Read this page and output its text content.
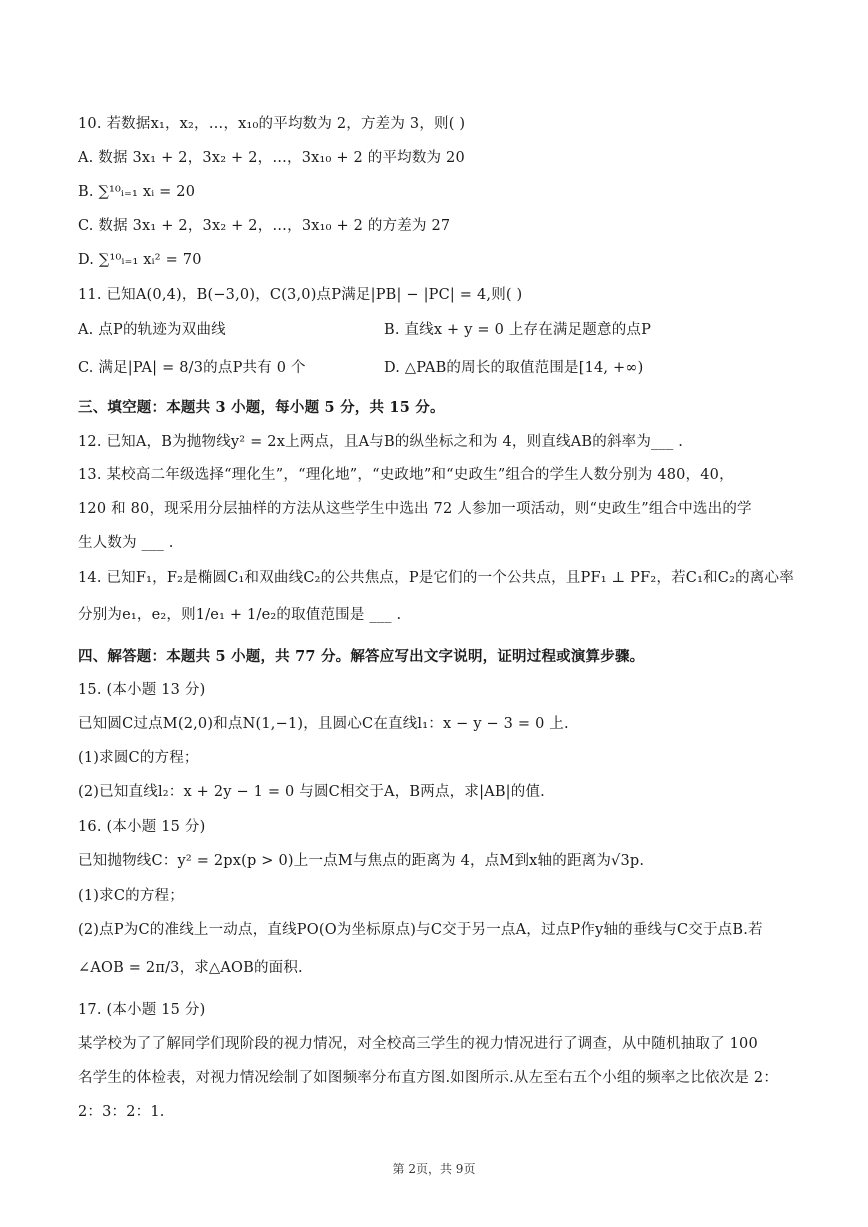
10. 若数据x₁，x₂，…，x₁₀的平均数为 2，方差为 3，则( )
A. 数据 3x₁ + 2，3x₂ + 2，…，3x₁₀ + 2 的平均数为 20
B. ∑¹⁰ᵢ₌₁ xᵢ = 20
C. 数据 3x₁ + 2，3x₂ + 2，…，3x₁₀ + 2 的方差为 27
D. ∑¹⁰ᵢ₌₁ xᵢ² = 70
11. 已知A(0,4)，B(−3,0)，C(3,0)点P满足|PB| − |PC| = 4,则( )
A. 点P的轨迹为双曲线	B. 直线x + y = 0 上存在满足题意的点P
C. 满足|PA| = 8/3的点P共有 0 个	D. △PAB的周长的取值范围是[14, +∞)
三、填空题：本题共 3 小题，每小题 5 分，共 15 分。
12. 已知A，B为抛物线y² = 2x上两点，且A与B的纵坐标之和为 4，则直线AB的斜率为___ .
13. 某校高二年级选择“理化生”，“理化地”，“史政地”和“史政生”组合的学生人数分别为 480，40，
120 和 80，现采用分层抽样的方法从这些学生中选出 72 人参加一项活动，则“史政生”组合中选出的学
生人数为 ___ .
14. 已知F₁，F₂是椭圆C₁和双曲线C₂的公共焦点，P是它们的一个公共点，且PF₁ ⊥ PF₂，若C₁和C₂的离心率
分别为e₁，e₂，则1/e₁ + 1/e₂的取值范围是 ___ .
四、解答题：本题共 5 小题，共 77 分。解答应写出文字说明，证明过程或演算步骤。
15. (本小题 13 分)
已知圆C过点M(2,0)和点N(1,−1)，且圆心C在直线l₁：x − y − 3 = 0 上.
(1)求圆C的方程；
(2)已知直线l₂：x + 2y − 1 = 0 与圆C相交于A，B两点，求|AB|的值.
16. (本小题 15 分)
已知抛物线C：y² = 2px(p > 0)上一点M与焦点的距离为 4，点M到x轴的距离为√3p.
(1)求C的方程；
(2)点P为C的准线上一动点，直线PO(O为坐标原点)与C交于另一点A，过点P作y轴的垂线与C交于点B.若
∠AOB = 2π/3，求△AOB的面积.
17. (本小题 15 分)
某学校为了了解同学们现阶段的视力情况，对全校高三学生的视力情况进行了调查，从中随机抽取了 100
名学生的体检表，对视力情况绘制了如图频率分布直方图.如图所示.从左至右五个小组的频率之比依次是 2：
2：3：2：1.
第 2页，共 9页
